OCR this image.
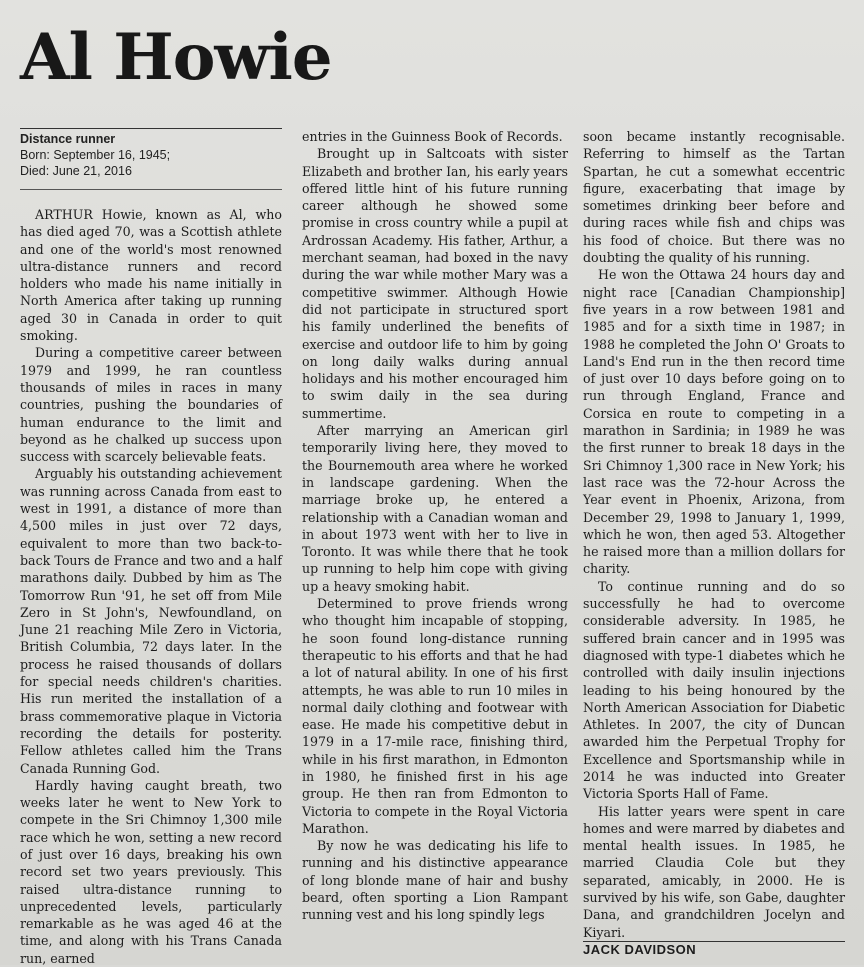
Al Howie
Distance runner
Born: September 16, 1945;
Died: June 21, 2016

ARTHUR Howie, known as Al, who has died aged 70, was a Scottish athlete and one of the world's most renowned ultra-distance runners and record holders who made his name initially in North America after taking up running aged 30 in Canada in order to quit smoking.

During a competitive career between 1979 and 1999, he ran countless thousands of miles in races in many countries, pushing the boundaries of human endurance to the limit and beyond as he chalked up success upon success with scarcely believable feats.

Arguably his outstanding achievement was running across Canada from east to west in 1991, a distance of more than 4,500 miles in just over 72 days, equivalent to more than two back-to-back Tours de France and two and a half marathons daily. Dubbed by him as The Tomorrow Run '91, he set off from Mile Zero in St John's, Newfoundland, on June 21 reaching Mile Zero in Victoria, British Columbia, 72 days later. In the process he raised thousands of dollars for special needs children's charities. His run merited the installation of a brass commemorative plaque in Victoria recording the details for posterity. Fellow athletes called him the Trans Canada Running God.

Hardly having caught breath, two weeks later he went to New York to compete in the Sri Chimnoy 1,300 mile race which he won, setting a new record of just over 16 days, breaking his own record set two years previously. This raised ultra-distance running to unprecedented levels, particularly remarkable as he was aged 46 at the time, and along with his Trans Canada run, earned

entries in the Guinness Book of Records.

Brought up in Saltcoats with sister Elizabeth and brother Ian, his early years offered little hint of his future running career although he showed some promise in cross country while a pupil at Ardrossan Academy. His father, Arthur, a merchant seaman, had boxed in the navy during the war while mother Mary was a competitive swimmer. Although Howie did not participate in structured sport his family underlined the benefits of exercise and outdoor life to him by going on long daily walks during annual holidays and his mother encouraged him to swim daily in the sea during summertime.

After marrying an American girl temporarily living here, they moved to the Bournemouth area where he worked in landscape gardening. When the marriage broke up, he entered a relationship with a Canadian woman and in about 1973 went with her to live in Toronto. It was while there that he took up running to help him cope with giving up a heavy smoking habit.

Determined to prove friends wrong who thought him incapable of stopping, he soon found long-distance running therapeutic to his efforts and that he had a lot of natural ability. In one of his first attempts, he was able to run 10 miles in normal daily clothing and footwear with ease. He made his competitive debut in 1979 in a 17-mile race, finishing third, while in his first marathon, in Edmonton in 1980, he finished first in his age group. He then ran from Edmonton to Victoria to compete in the Royal Victoria Marathon.

By now he was dedicating his life to running and his distinctive appearance of long blonde mane of hair and bushy beard, often sporting a Lion Rampant running vest and his long spindly legs

soon became instantly recognisable. Referring to himself as the Tartan Spartan, he cut a somewhat eccentric figure, exacerbating that image by sometimes drinking beer before and during races while fish and chips was his food of choice. But there was no doubting the quality of his running.

He won the Ottawa 24 hours day and night race [Canadian Championship] five years in a row between 1981 and 1985 and for a sixth time in 1987; in 1988 he completed the John O' Groats to Land's End run in the then record time of just over 10 days before going on to run through England, France and Corsica en route to competing in a marathon in Sardinia; in 1989 he was the first runner to break 18 days in the Sri Chimnoy 1,300 race in New York; his last race was the 72-hour Across the Year event in Phoenix, Arizona, from December 29, 1998 to January 1, 1999, which he won, then aged 53. Altogether he raised more than a million dollars for charity.

To continue running and do so successfully he had to overcome considerable adversity. In 1985, he suffered brain cancer and in 1995 was diagnosed with type-1 diabetes which he controlled with daily insulin injections leading to his being honoured by the North American Association for Diabetic Athletes. In 2007, the city of Duncan awarded him the Perpetual Trophy for Excellence and Sportsmanship while in 2014 he was inducted into Greater Victoria Sports Hall of Fame.

His latter years were spent in care homes and were marred by diabetes and mental health issues. In 1985, he married Claudia Cole but they separated, amicably, in 2000. He is survived by his wife, son Gabe, daughter Dana, and grandchildren Jocelyn and Kiyari.

JACK DAVIDSON
